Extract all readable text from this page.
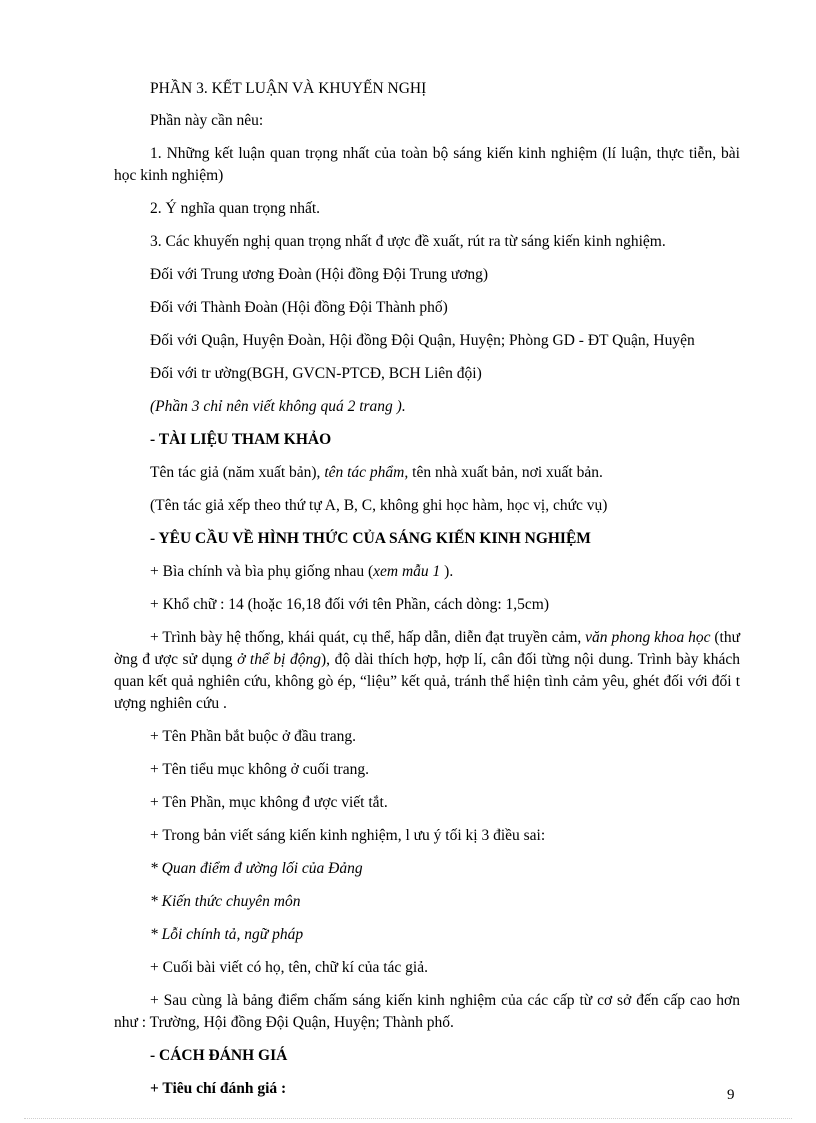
PHẦN 3. KẾT LUẬN VÀ KHUYẾN NGHỊ

Phần này cần nêu:

1. Những kết luận quan trọng nhất của toàn bộ sáng kiến kinh nghiệm (lí luận, thực tiễn, bài học kinh nghiệm)

2. Ý nghĩa quan trọng nhất.

3. Các khuyến nghị quan trọng nhất đ ược đề xuất, rút ra từ sáng kiến kinh nghiệm.

Đối với Trung ương Đoàn (Hội đồng Đội Trung ương)

Đối với Thành Đoàn (Hội đồng Đội Thành phố)

Đối với Quận, Huyện Đoàn, Hội đồng Đội Quận, Huyện; Phòng GD - ĐT Quận, Huyện

Đối với tr ường(BGH, GVCN-PTCĐ, BCH Liên đội)

(Phần 3 chỉ nên viết không quá 2 trang ).

- TÀI LIỆU THAM KHẢO

Tên tác giả (năm xuất bản), tên tác phẩm, tên nhà xuất bản, nơi xuất bản.

(Tên tác giả xếp theo thứ tự A, B, C, không ghi học hàm, học vị, chức vụ)

- YÊU CẦU VỀ HÌNH THỨC CỦA SÁNG KIẾN KINH NGHIỆM

+ Bìa chính và bìa phụ giống nhau (xem mẫu 1 ).

+ Khổ chữ : 14 (hoặc 16,18 đối với tên Phần, cách dòng: 1,5cm)

+ Trình bày hệ thống, khái quát, cụ thể, hấp dẫn, diễn đạt truyền cảm, văn phong khoa học (thư ờng đ ược sử dụng ở thể bị động), độ dài thích hợp, hợp lí, cân đối từng nội dung. Trình bày khách quan kết quả nghiên cứu, không gò ép, “liệu” kết quả, tránh thể hiện tình cảm yêu, ghét đối với đối t ượng nghiên cứu .

+ Tên Phần bắt buộc ở đầu trang.

+ Tên tiểu mục không ở cuối trang.

+ Tên Phần, mục không đ ược viết tắt.

+ Trong bản viết sáng kiến kinh nghiệm, l ưu ý tối kị 3 điều sai:

* Quan điểm đ ường lối của Đảng

* Kiến thức chuyên môn

* Lỗi chính tả, ngữ pháp

+ Cuối bài viết có họ, tên, chữ kí của tác giả.

+ Sau cùng là bảng điểm chấm sáng kiến kinh nghiệm của các cấp từ cơ sở đến cấp cao hơn như : Trường, Hội đồng Đội Quận, Huyện; Thành phố.

- CÁCH ĐÁNH GIÁ

+ Tiêu chí đánh giá :	9
